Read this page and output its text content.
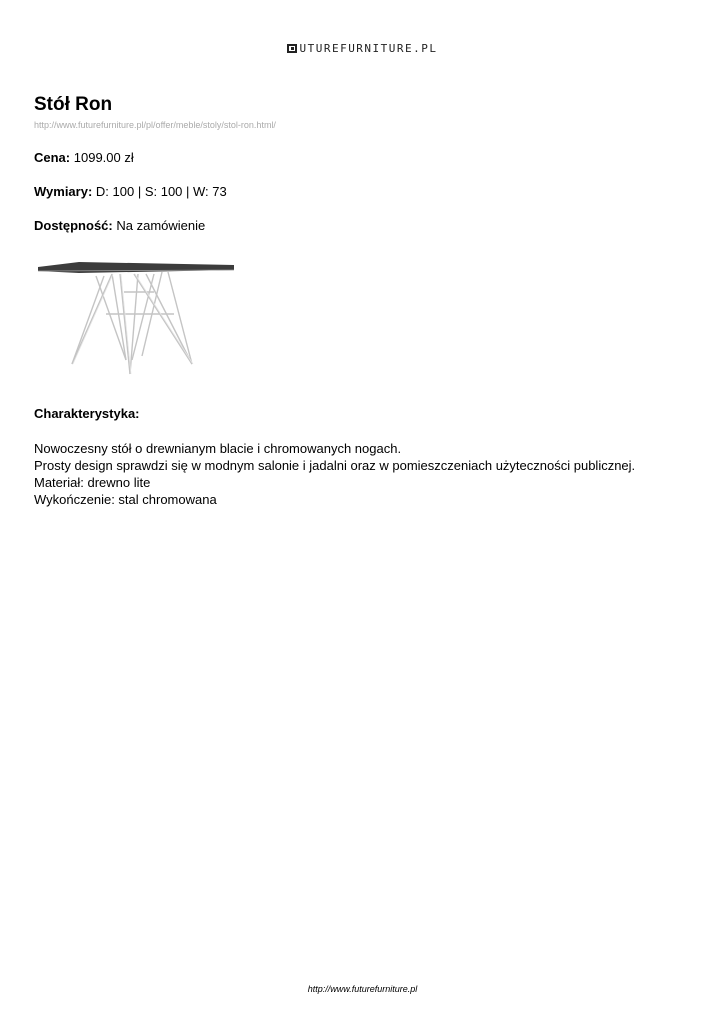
UTUREFURNITURE.PL
Stół Ron
http://www.futurefurniture.pl/pl/offer/meble/stoly/stol-ron.html/
Cena: 1099.00 zł
Wymiary: D: 100 | S: 100 | W: 73
Dostępność: Na zamówienie
Charakterystyka:
Nowoczesny stół o drewnianym blacie i chromowanych nogach.
Prosty design sprawdzi się w modnym salonie i jadalni oraz w pomieszczeniach użyteczności publicznej.
Materiał: drewno lite
Wykończenie: stal chromowana
http://www.futurefurniture.pl
